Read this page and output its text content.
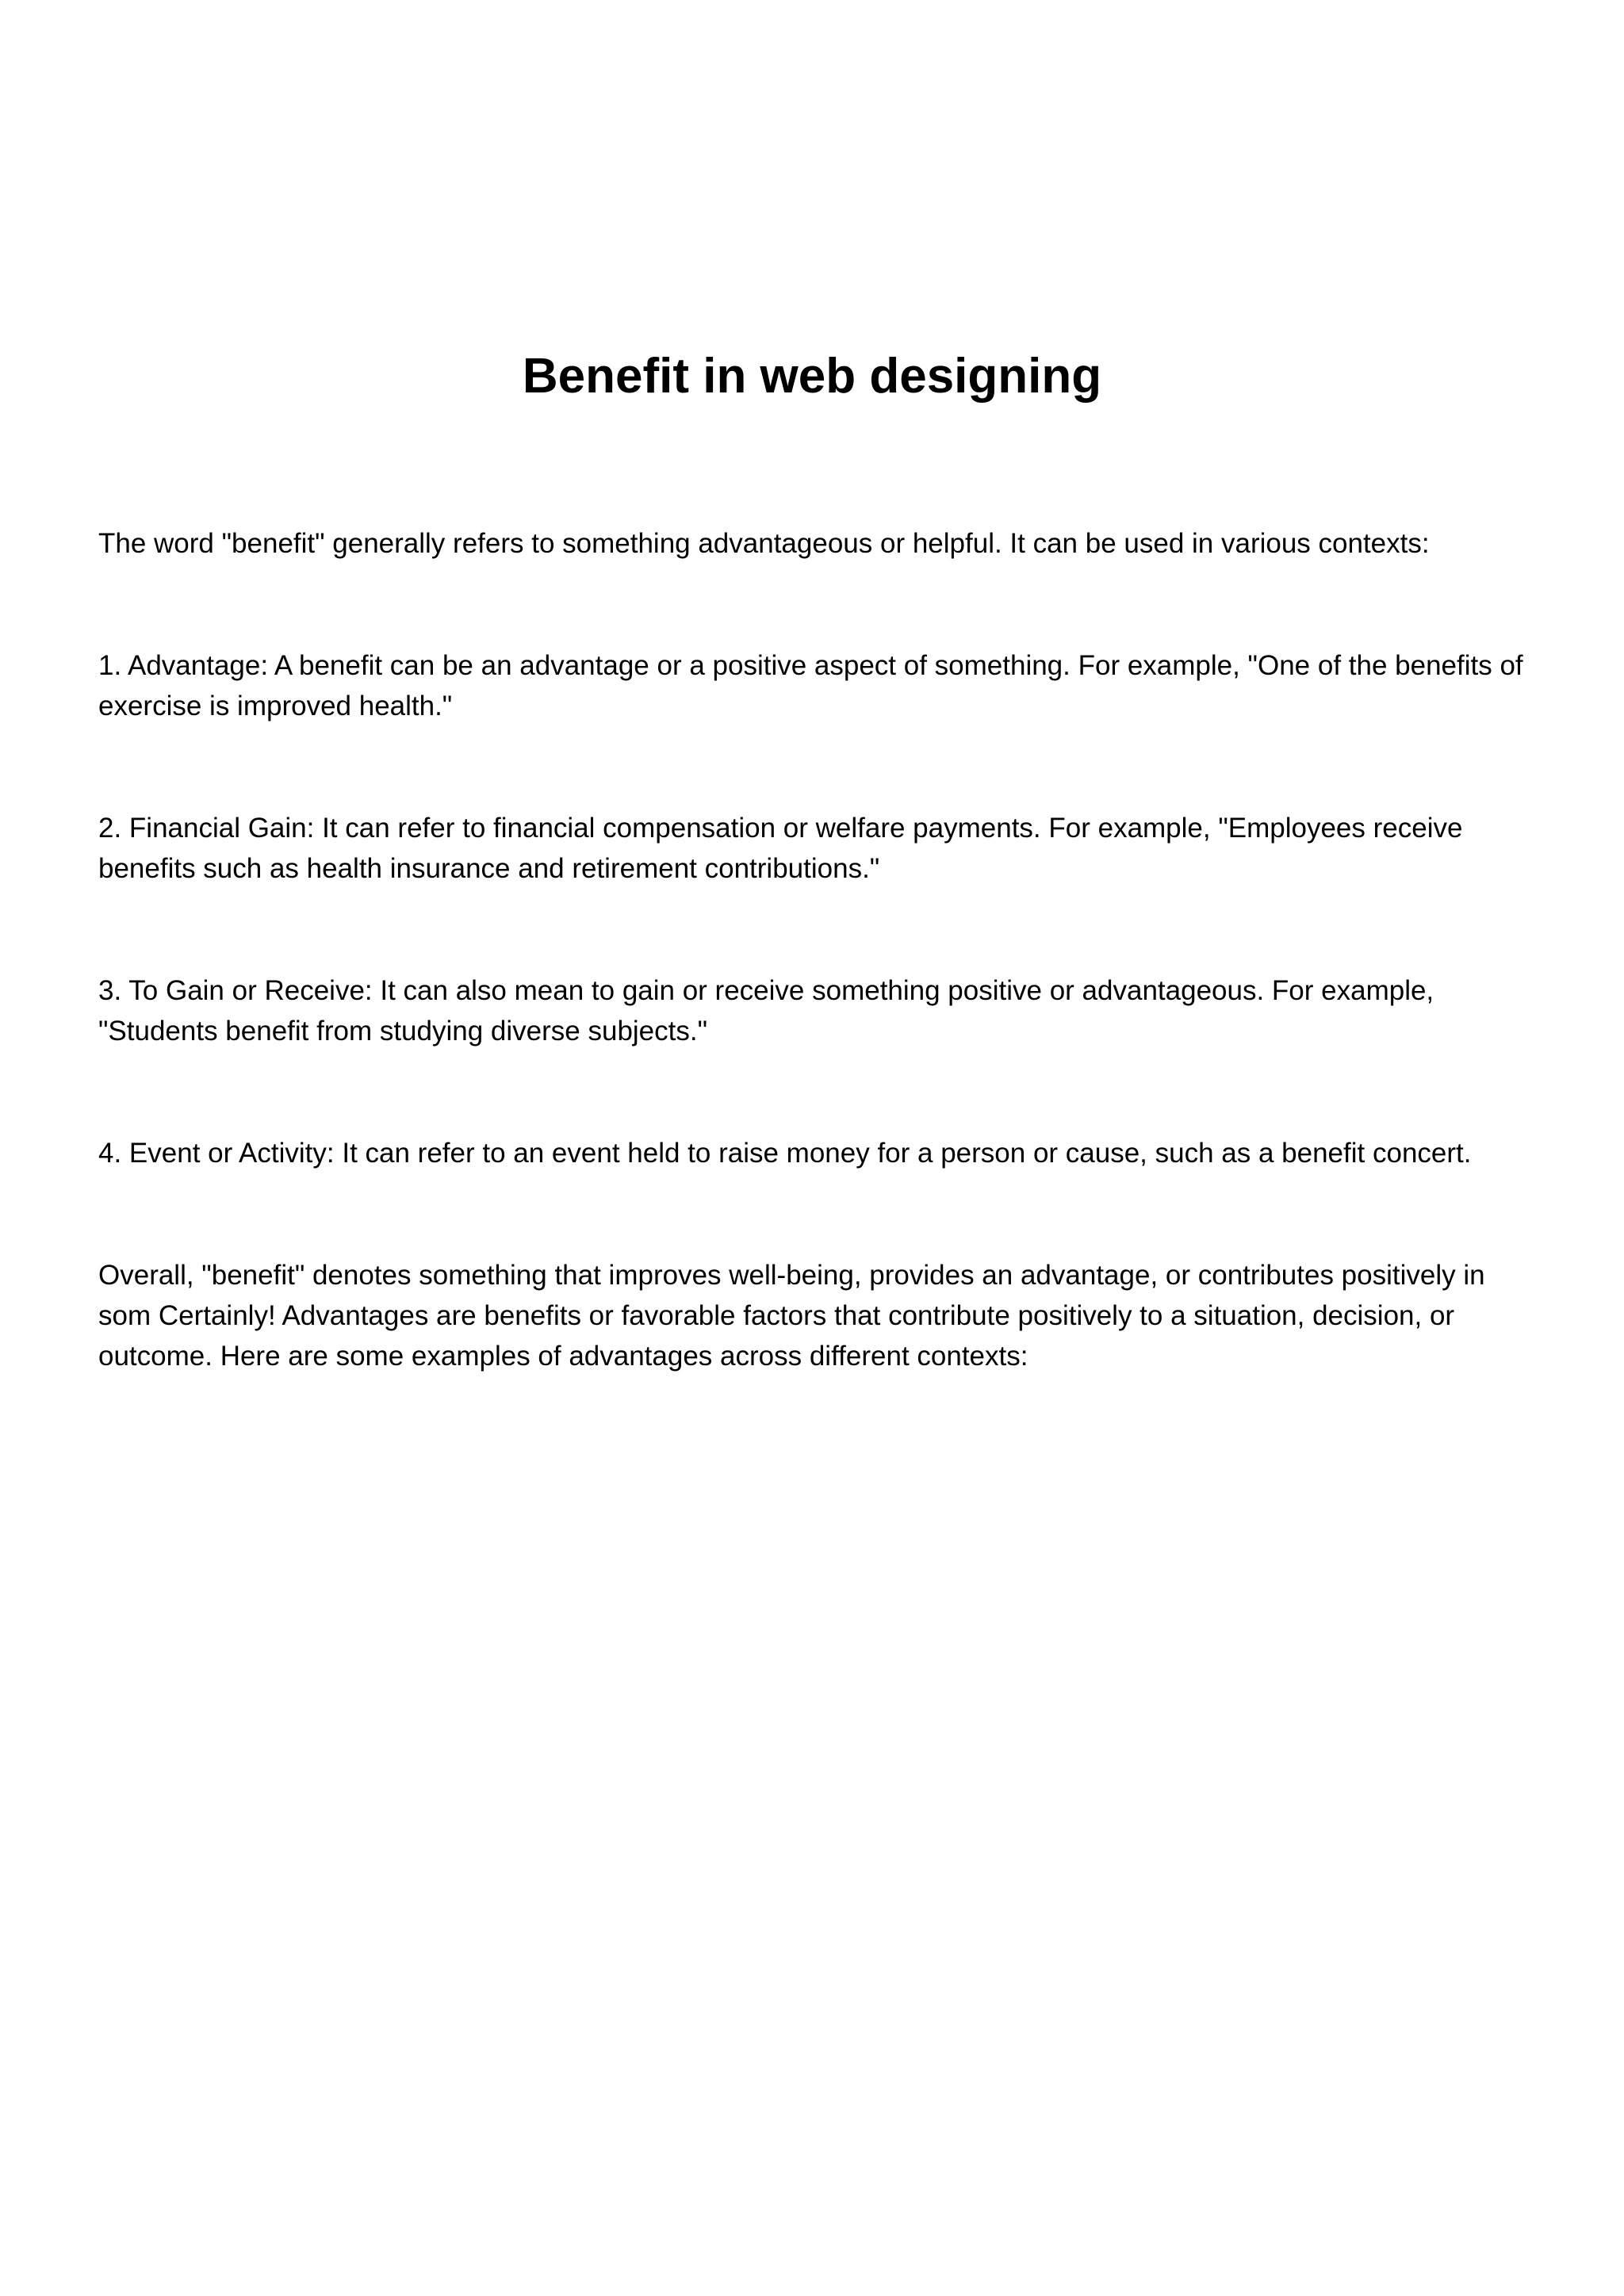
Benefit in web designing

The word "benefit" generally refers to something advantageous or helpful. It can be used in various contexts:

1. Advantage: A benefit can be an advantage or a positive aspect of something. For example, "One of the benefits of exercise is improved health."

2. Financial Gain: It can refer to financial compensation or welfare payments. For example, "Employees receive benefits such as health insurance and retirement contributions."

3. To Gain or Receive: It can also mean to gain or receive something positive or advantageous. For example, "Students benefit from studying diverse subjects."

4. Event or Activity: It can refer to an event held to raise money for a person or cause, such as a benefit concert.

Overall, "benefit" denotes something that improves well-being, provides an advantage, or contributes positively in som Certainly! Advantages are benefits or favorable factors that contribute positively to a situation, decision, or outcome. Here are some examples of advantages across different contexts:
